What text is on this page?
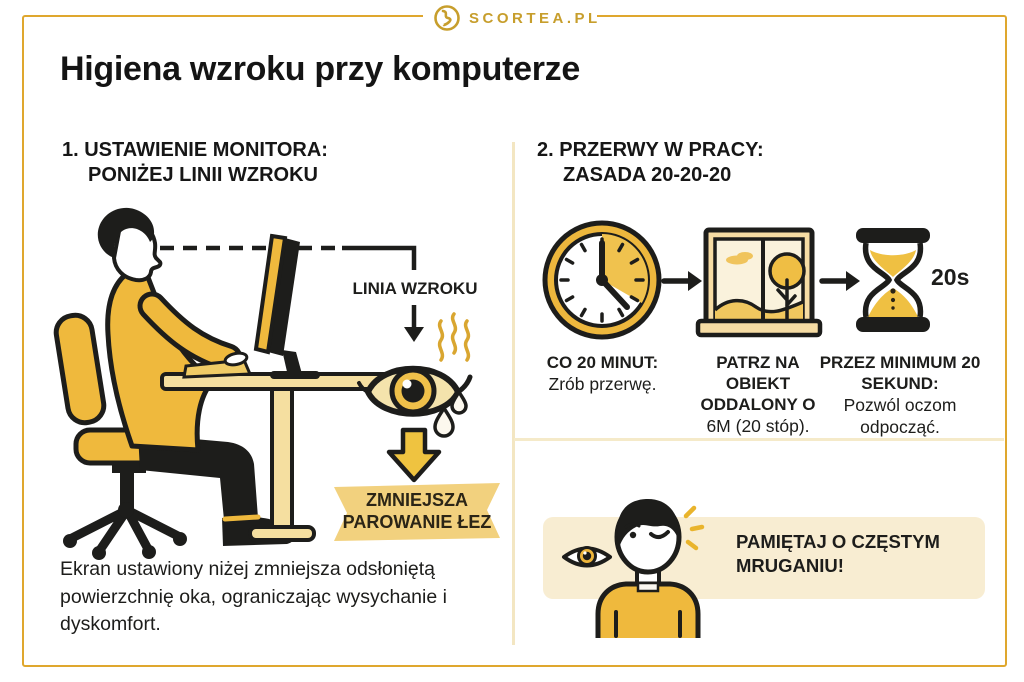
SCORTEA.PL
Higiena wzroku przy komputerze
1. USTAWIENIE MONITORA:
PONIŻEJ LINII WZROKU
2. PRZERWY W PRACY:
ZASADA 20-20-20
LINIA WZROKU
ZMNIEJSZA PAROWANIE ŁEZ
Ekran ustawiony niżej zmniejsza odsłoniętą powierzchnię oka, ograniczając wysychanie i dyskomfort.
CO 20 MINUT:
Zrób przerwę.
PATRZ NA OBIEKT ODDALONY O
6M (20 stóp).
PRZEZ MINIMUM 20 SEKUND:
Pozwól oczom odpocząć.
20s
PAMIĘTAJ O CZĘSTYM MRUGANIU!
